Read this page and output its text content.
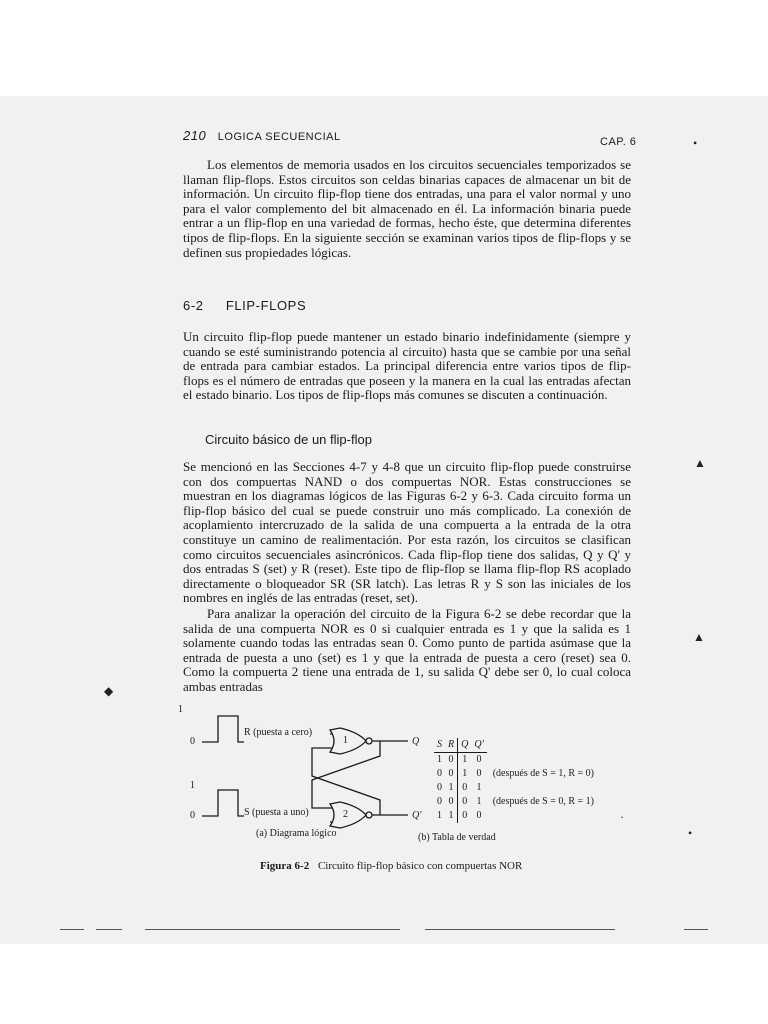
210 LOGICA SECUENCIAL	CAP. 6
Los elementos de memoria usados en los circuitos secuenciales temporizados se llaman flip-flops. Estos circuitos son celdas binarias capaces de almacenar un bit de información. Un circuito flip-flop tiene dos entradas, una para el valor normal y uno para el valor complemento del bit almacenado en él. La información binaria puede entrar a un flip-flop en una variedad de formas, hecho éste, que determina diferentes tipos de flip-flops. En la siguiente sección se examinan varios tipos de flip-flops y se definen sus propiedades lógicas.
6-2 FLIP-FLOPS
Un circuito flip-flop puede mantener un estado binario indefinidamente (siempre y cuando se esté suministrando potencia al circuito) hasta que se cambie por una señal de entrada para cambiar estados. La principal diferencia entre varios tipos de flip-flops es el número de entradas que poseen y la manera en la cual las entradas afectan el estado binario. Los tipos de flip-flops más comunes se discuten a continuación.
Circuito básico de un flip-flop
Se mencionó en las Secciones 4-7 y 4-8 que un circuito flip-flop puede construirse con dos compuertas NAND o dos compuertas NOR. Estas construcciones se muestran en los diagramas lógicos de las Figuras 6-2 y 6-3. Cada circuito forma un flip-flop básico del cual se puede construir uno más complicado. La conexión de acoplamiento intercruzado de la salida de una compuerta a la entrada de la otra constituye un camino de realimentación. Por esta razón, los circuitos se clasifican como circuitos secuenciales asincrónicos. Cada flip-flop tiene dos salidas, Q y Q' y dos entradas S (set) y R (reset). Este tipo de flip-flop se llama flip-flop RS acoplado directamente o bloqueador SR (SR latch). Las letras R y S son las iniciales de los nombres en inglés de las entradas (reset, set).
Para analizar la operación del circuito de la Figura 6-2 se debe recordar que la salida de una compuerta NOR es 0 si cualquier entrada es 1 y que la salida es 1 solamente cuando todas las entradas sean 0. Como punto de partida asúmase que la entrada de puesta a uno (set) es 1 y que la entrada de puesta a cero (reset) sea 0. Como la compuerta 2 tiene una entrada de 1, su salida Q' debe ser 0, lo cual coloca ambas entradas
1
0
1
0
R (puesta a cero)
S (puesta a uno)
1
2
Q
Q'
S	R	Q	Q'	
1	0	1	0	
0	0	1	0	(después de S = 1, R = 0)
0	1	0	1	
0	0	0	1	(después de S = 0, R = 1)
1	1	0	0	
(a) Diagrama lógico	(b) Tabla de verdad
Figura 6-2 Circuito flip-flop básico con compuertas NOR
•
▲
▲
◆
•
·
